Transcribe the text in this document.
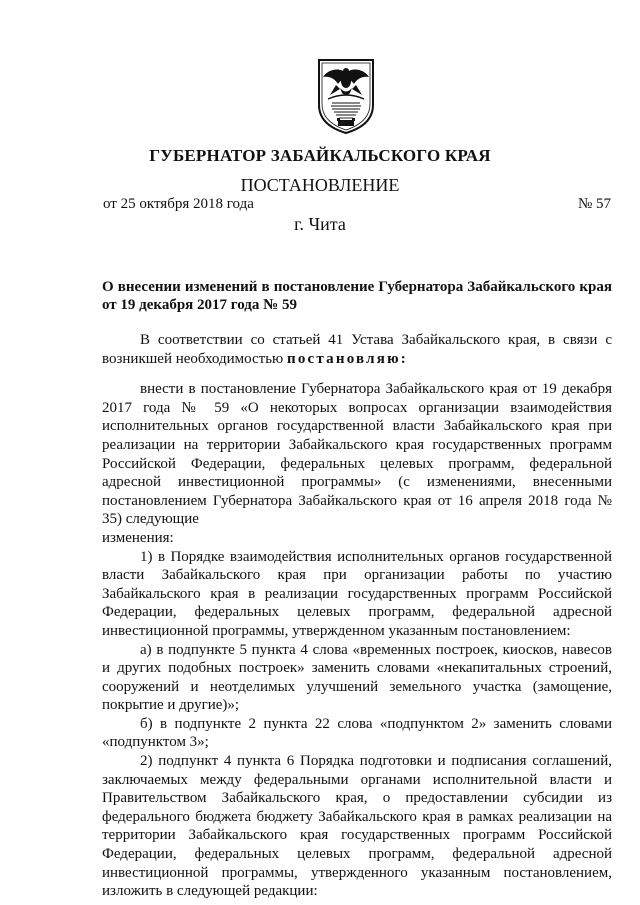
ГУБЕРНАТОР ЗАБАЙКАЛЬСКОГО КРАЯ
ПОСТАНОВЛЕНИЕ
от 25 октября 2018 года	№ 57
г. Чита
О внесении изменений в постановление Губернатора Забайкальского края от 19 декабря 2017 года № 59

В соответствии со статьей 41 Устава Забайкальского края, в связи с возникшей необходимостью постановляю:

внести в постановление Губернатора Забайкальского края от 19 декабря 2017 года № 59 «О некоторых вопросах организации взаимодействия исполнительных органов государственной власти Забайкальского края при реализации на территории Забайкальского края государственных программ Российской Федерации, федеральных целевых программ, федеральной адресной инвестиционной программы» (с изменениями, внесенными постановлением Губернатора Забайкальского края от 16 апреля 2018 года № 35) следующие

изменения:

1) в Порядке взаимодействия исполнительных органов государственной власти Забайкальского края при организации работы по участию Забайкальского края в реализации государственных программ Российской Федерации, федеральных целевых программ, федеральной адресной инвестиционной программы, утвержденном указанным постановлением:

а) в подпункте 5 пункта 4 слова «временных построек, киосков, навесов и других подобных построек» заменить словами «некапитальных строений, сооружений и неотделимых улучшений земельного участка (замощение, покрытие и другие)»;

б) в подпункте 2 пункта 22 слова «подпунктом 2» заменить словами «подпунктом 3»;

2) подпункт 4 пункта 6 Порядка подготовки и подписания соглашений, заключаемых между федеральными органами исполнительной власти и Правительством Забайкальского края, о предоставлении субсидии из федерального бюджета бюджету Забайкальского края в рамках реализации на территории Забайкальского края государственных программ Российской Федерации, федеральных целевых программ, федеральной адресной инвестиционной программы, утвержденного указанным постановлением, изложить в следующей редакции:
